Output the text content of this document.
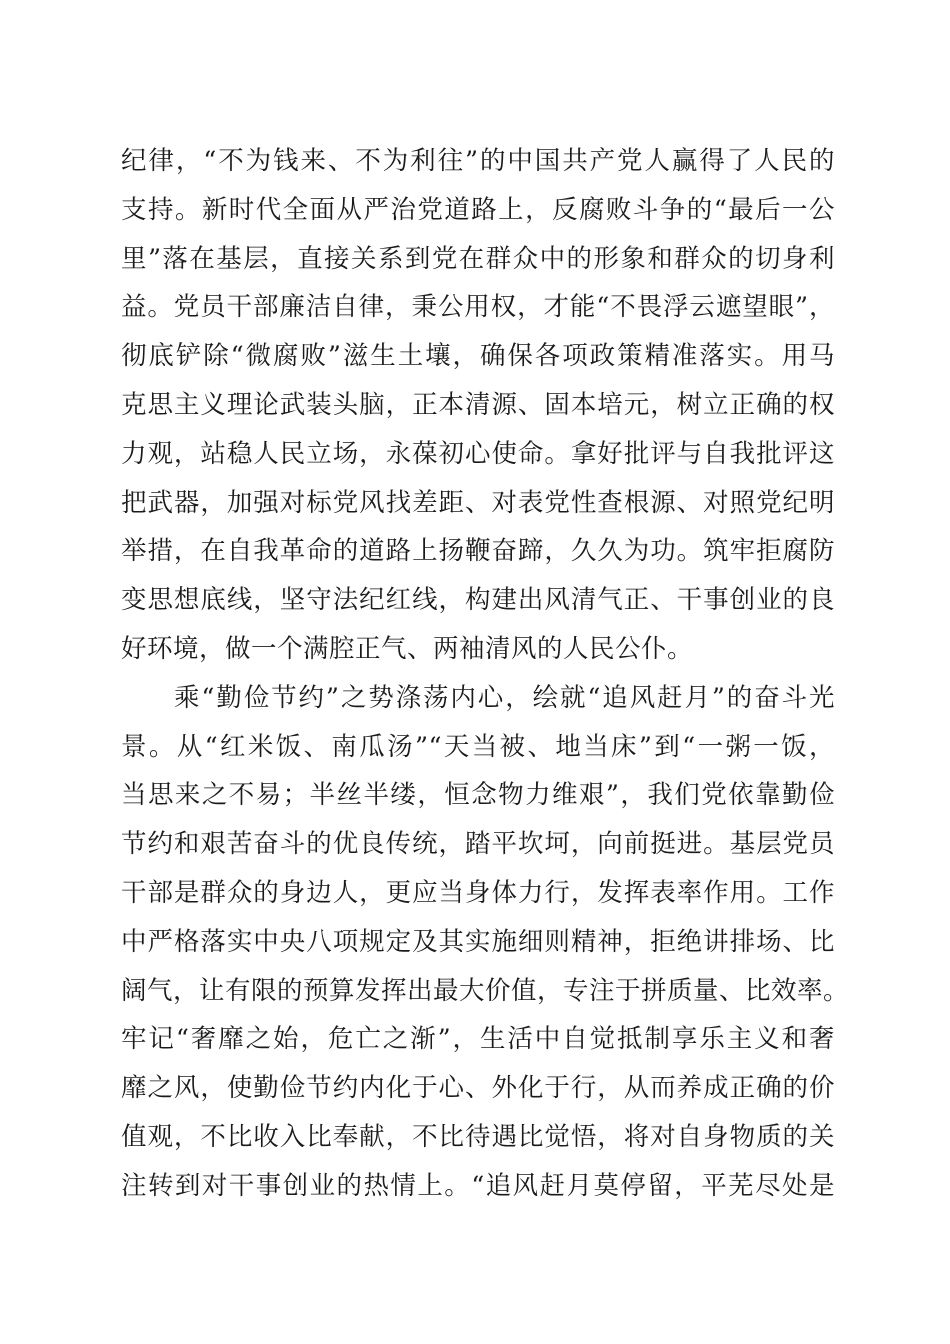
纪律，“不为钱来、不为利往”的中国共产党人赢得了人民的
支持。新时代全面从严治党道路上，反腐败斗争的“最后一公
里”落在基层，直接关系到党在群众中的形象和群众的切身利
益。党员干部廉洁自律，秉公用权，才能“不畏浮云遮望眼”，
彻底铲除“微腐败”滋生土壤，确保各项政策精准落实。用马
克思主义理论武装头脑，正本清源、固本培元，树立正确的权
力观，站稳人民立场，永葆初心使命。拿好批评与自我批评这
把武器，加强对标党风找差距、对表党性查根源、对照党纪明
举措，在自我革命的道路上扬鞭奋蹄，久久为功。筑牢拒腐防
变思想底线，坚守法纪红线，构建出风清气正、干事创业的良
好环境，做一个满腔正气、两袖清风的人民公仆。
乘“勤俭节约”之势涤荡内心，绘就“追风赶月”的奋斗光
景。从“红米饭、南瓜汤”“天当被、地当床”到“一粥一饭，
当思来之不易；半丝半缕，恒念物力维艰”，我们党依靠勤俭
节约和艰苦奋斗的优良传统，踏平坎坷，向前挺进。基层党员
干部是群众的身边人，更应当身体力行，发挥表率作用。工作
中严格落实中央八项规定及其实施细则精神，拒绝讲排场、比
阔气，让有限的预算发挥出最大价值，专注于拼质量、比效率。
牢记“奢靡之始，危亡之渐”，生活中自觉抵制享乐主义和奢
靡之风，使勤俭节约内化于心、外化于行，从而养成正确的价
值观，不比收入比奉献，不比待遇比觉悟，将对自身物质的关
注转到对干事创业的热情上。“追风赶月莫停留，平芜尽处是
